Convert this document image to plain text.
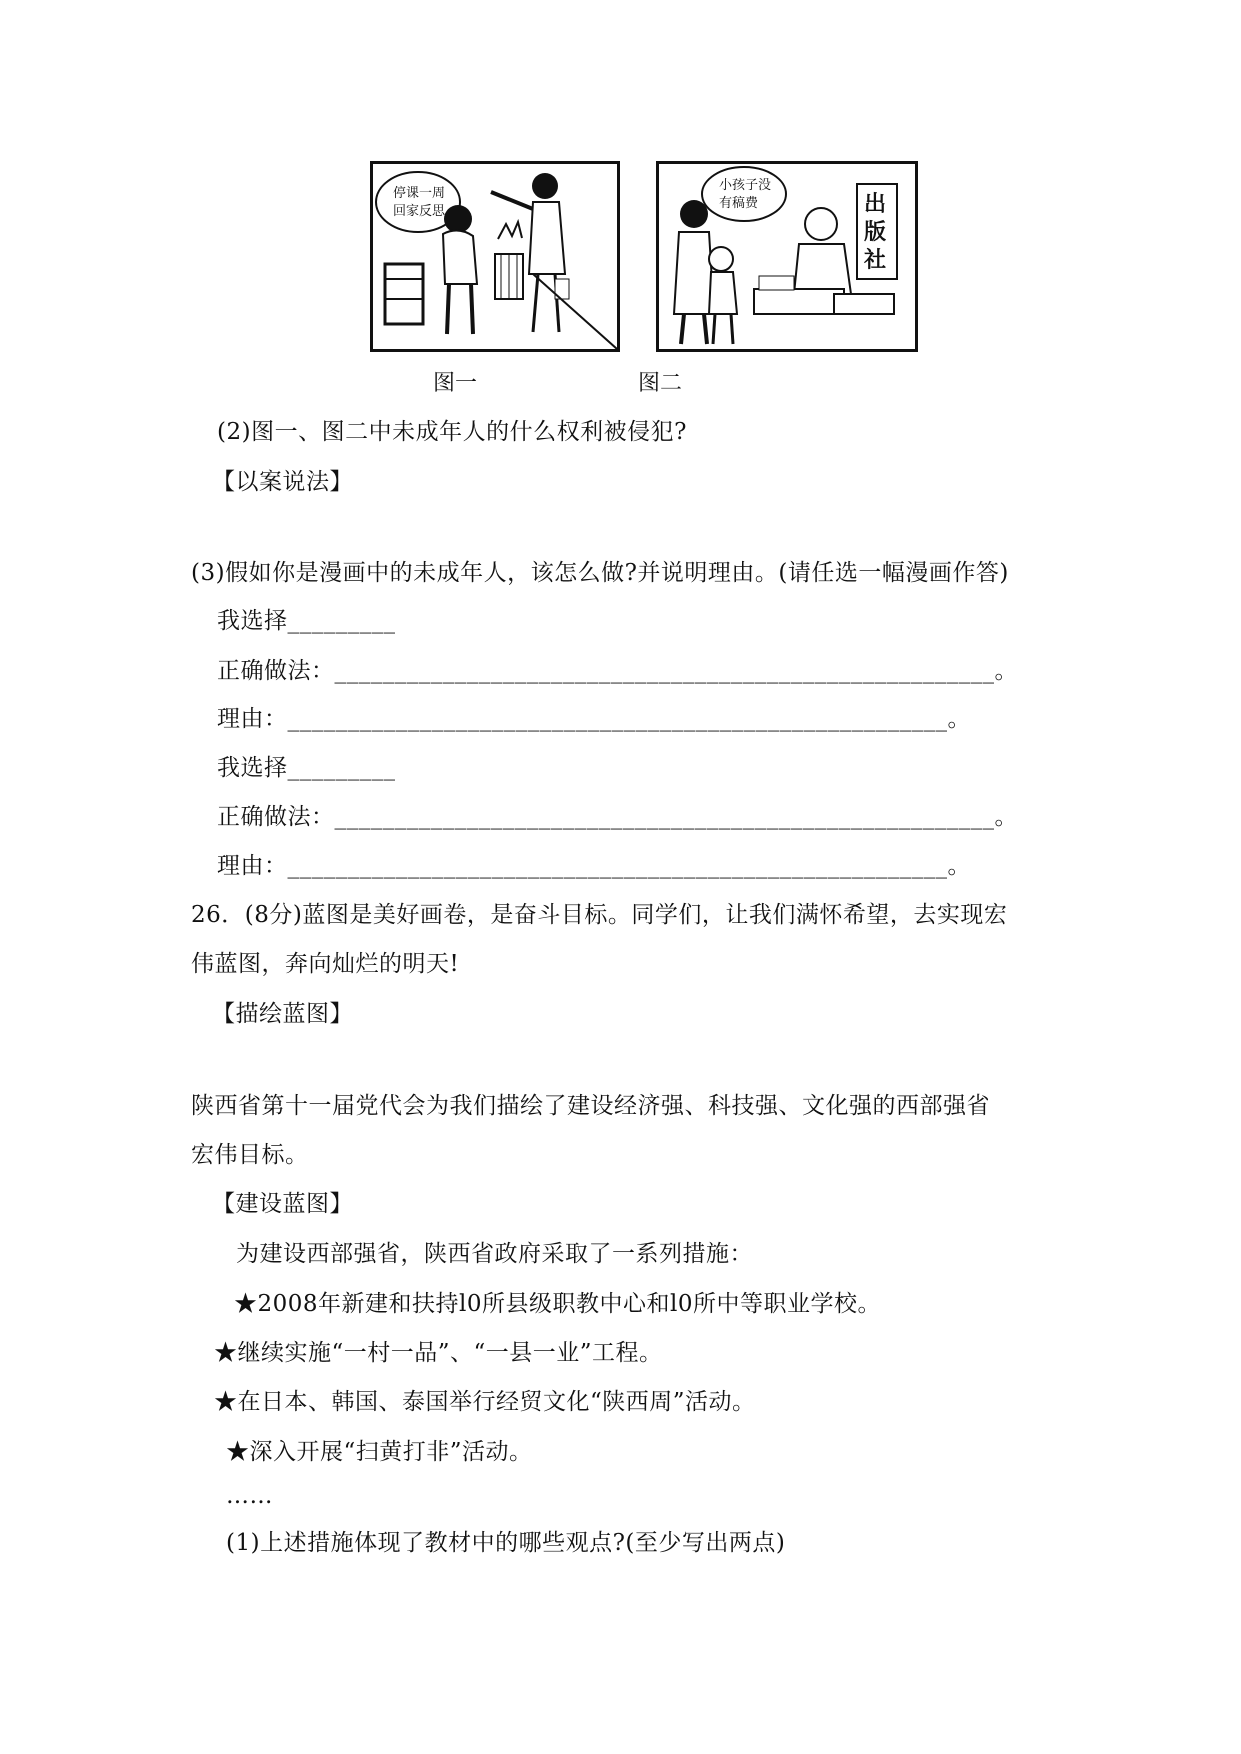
停课一周
回家反思
小孩子没
有稿费	出
版
社
图一	图二
(2)图一、图二中未成年人的什么权利被侵犯?
【以案说法】
(3)假如你是漫画中的未成年人，该怎么做?并说明理由。(请任选一幅漫画作答)
我选择_________
正确做法：_______________________________________________________。
理由：_______________________________________________________。
我选择_________
正确做法：_______________________________________________________。
理由：_______________________________________________________。
26．(8分)蓝图是美好画卷，是奋斗目标。同学们，让我们满怀希望，去实现宏
伟蓝图，奔向灿烂的明天!
【描绘蓝图】
陕西省第十一届党代会为我们描绘了建设经济强、科技强、文化强的西部强省
宏伟目标。
【建设蓝图】
为建设西部强省，陕西省政府采取了一系列措施：
★2008年新建和扶持l0所县级职教中心和l0所中等职业学校。
★继续实施“一村一品”、“一县一业”工程。
★在日本、韩国、泰国举行经贸文化“陕西周”活动。
★深入开展“扫黄打非”活动。
……
(1)上述措施体现了教材中的哪些观点?(至少写出两点)
